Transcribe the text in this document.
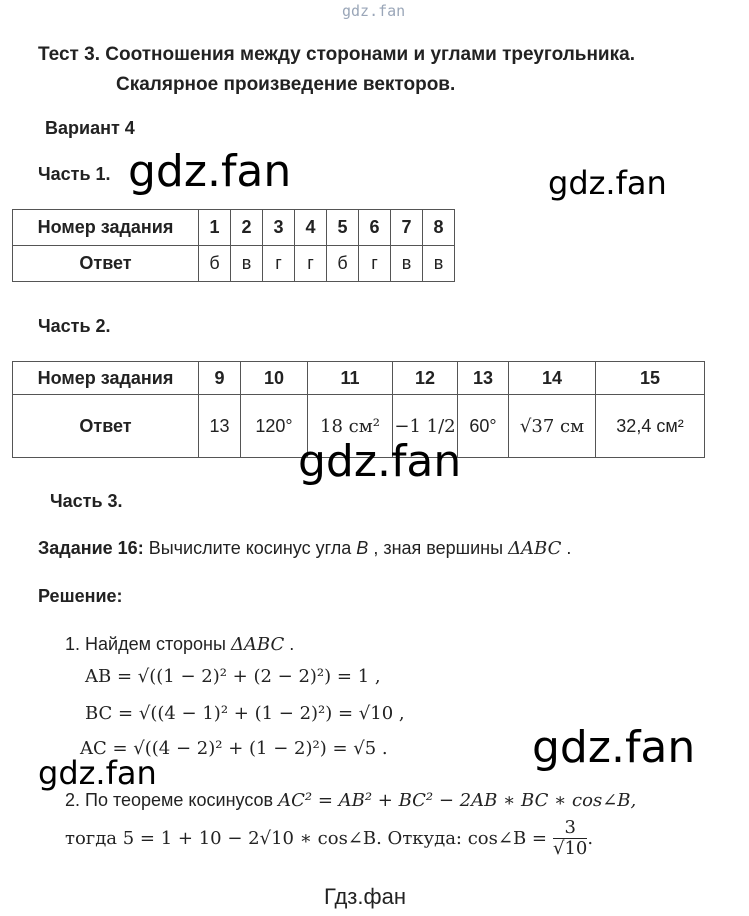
gdz.fan
Тест 3. Соотношения между сторонами и углами треугольника.
Скалярное произведение векторов.
Вариант 4
Часть 1. gdz.fan	gdz.fan
Номер задания	1	2	3	4	5	6	7	8
Ответ	б	в	г	г	б	г	в	в
Часть 2.
Номер задания	9	10	11	12	13	14	15
Ответ	13	120°	18 см²	−1 1/2	60°	√37 см	32,4 см²
gdz.fan
Часть 3.
Задание 16: Вычислите косинус угла B , зная вершины ΔABC .
Решение:
1. Найдем стороны ΔABC .
AB = √((1 − 2)² + (2 − 2)²) = 1 ,
BC = √((4 − 1)² + (1 − 2)²) = √10 ,
AC = √((4 − 2)² + (1 − 2)²) = √5 .	gdz.fan
gdz.fan
2. По теореме косинусов AC² = AB² + BC² − 2AB ∗ BC ∗ cos∠B,
тогда 5 = 1 + 10 − 2√10 ∗ cos∠B. Откуда: cos∠B = $\frac{3}{√10}$ .
Гдз.фан
